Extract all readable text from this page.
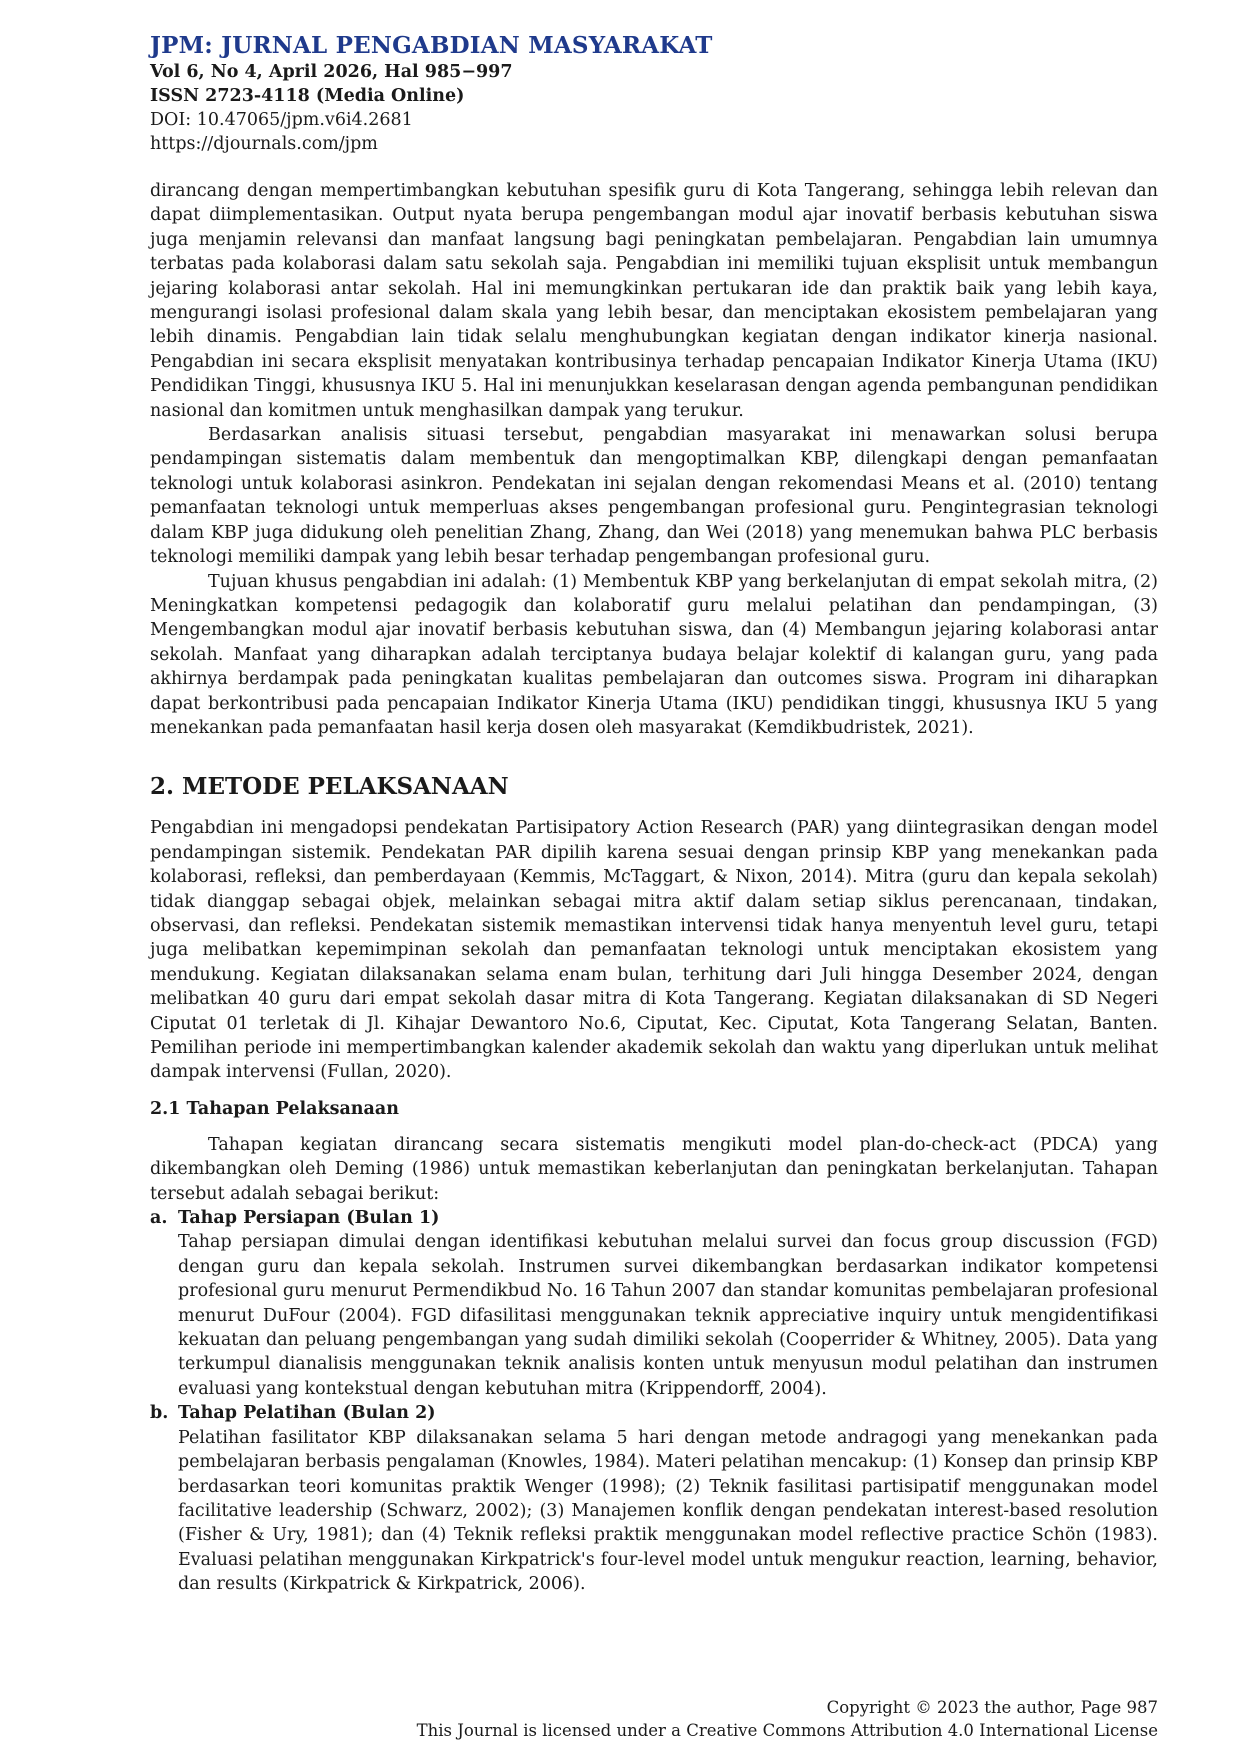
JPM: JURNAL PENGABDIAN MASYARAKAT
Vol 6, No 4, April 2026, Hal 985−997
ISSN 2723-4118 (Media Online)
DOI: 10.47065/jpm.v6i4.2681
https://djournals.com/jpm

dirancang dengan mempertimbangkan kebutuhan spesifik guru di Kota Tangerang, sehingga lebih relevan dan dapat diimplementasikan. Output nyata berupa pengembangan modul ajar inovatif berbasis kebutuhan siswa juga menjamin relevansi dan manfaat langsung bagi peningkatan pembelajaran. Pengabdian lain umumnya terbatas pada kolaborasi dalam satu sekolah saja. Pengabdian ini memiliki tujuan eksplisit untuk membangun jejaring kolaborasi antar sekolah. Hal ini memungkinkan pertukaran ide dan praktik baik yang lebih kaya, mengurangi isolasi profesional dalam skala yang lebih besar, dan menciptakan ekosistem pembelajaran yang lebih dinamis. Pengabdian lain tidak selalu menghubungkan kegiatan dengan indikator kinerja nasional. Pengabdian ini secara eksplisit menyatakan kontribusinya terhadap pencapaian Indikator Kinerja Utama (IKU) Pendidikan Tinggi, khususnya IKU 5. Hal ini menunjukkan keselarasan dengan agenda pembangunan pendidikan nasional dan komitmen untuk menghasilkan dampak yang terukur.

Berdasarkan analisis situasi tersebut, pengabdian masyarakat ini menawarkan solusi berupa pendampingan sistematis dalam membentuk dan mengoptimalkan KBP, dilengkapi dengan pemanfaatan teknologi untuk kolaborasi asinkron. Pendekatan ini sejalan dengan rekomendasi Means et al. (2010) tentang pemanfaatan teknologi untuk memperluas akses pengembangan profesional guru. Pengintegrasian teknologi dalam KBP juga didukung oleh penelitian Zhang, Zhang, dan Wei (2018) yang menemukan bahwa PLC berbasis teknologi memiliki dampak yang lebih besar terhadap pengembangan profesional guru.

Tujuan khusus pengabdian ini adalah: (1) Membentuk KBP yang berkelanjutan di empat sekolah mitra, (2) Meningkatkan kompetensi pedagogik dan kolaboratif guru melalui pelatihan dan pendampingan, (3) Mengembangkan modul ajar inovatif berbasis kebutuhan siswa, dan (4) Membangun jejaring kolaborasi antar sekolah. Manfaat yang diharapkan adalah terciptanya budaya belajar kolektif di kalangan guru, yang pada akhirnya berdampak pada peningkatan kualitas pembelajaran dan outcomes siswa. Program ini diharapkan dapat berkontribusi pada pencapaian Indikator Kinerja Utama (IKU) pendidikan tinggi, khususnya IKU 5 yang menekankan pada pemanfaatan hasil kerja dosen oleh masyarakat (Kemdikbudristek, 2021).

2. METODE PELAKSANAAN

Pengabdian ini mengadopsi pendekatan Partisipatory Action Research (PAR) yang diintegrasikan dengan model pendampingan sistemik. Pendekatan PAR dipilih karena sesuai dengan prinsip KBP yang menekankan pada kolaborasi, refleksi, dan pemberdayaan (Kemmis, McTaggart, & Nixon, 2014). Mitra (guru dan kepala sekolah) tidak dianggap sebagai objek, melainkan sebagai mitra aktif dalam setiap siklus perencanaan, tindakan, observasi, dan refleksi. Pendekatan sistemik memastikan intervensi tidak hanya menyentuh level guru, tetapi juga melibatkan kepemimpinan sekolah dan pemanfaatan teknologi untuk menciptakan ekosistem yang mendukung. Kegiatan dilaksanakan selama enam bulan, terhitung dari Juli hingga Desember 2024, dengan melibatkan 40 guru dari empat sekolah dasar mitra di Kota Tangerang. Kegiatan dilaksanakan di SD Negeri Ciputat 01 terletak di Jl. Kihajar Dewantoro No.6, Ciputat, Kec. Ciputat, Kota Tangerang Selatan, Banten. Pemilihan periode ini mempertimbangkan kalender akademik sekolah dan waktu yang diperlukan untuk melihat dampak intervensi (Fullan, 2020).

2.1 Tahapan Pelaksanaan

Tahapan kegiatan dirancang secara sistematis mengikuti model plan-do-check-act (PDCA) yang dikembangkan oleh Deming (1986) untuk memastikan keberlanjutan dan peningkatan berkelanjutan. Tahapan tersebut adalah sebagai berikut:

a. Tahap Persiapan (Bulan 1)

Tahap persiapan dimulai dengan identifikasi kebutuhan melalui survei dan focus group discussion (FGD) dengan guru dan kepala sekolah. Instrumen survei dikembangkan berdasarkan indikator kompetensi profesional guru menurut Permendikbud No. 16 Tahun 2007 dan standar komunitas pembelajaran profesional menurut DuFour (2004). FGD difasilitasi menggunakan teknik appreciative inquiry untuk mengidentifikasi kekuatan dan peluang pengembangan yang sudah dimiliki sekolah (Cooperrider & Whitney, 2005). Data yang terkumpul dianalisis menggunakan teknik analisis konten untuk menyusun modul pelatihan dan instrumen evaluasi yang kontekstual dengan kebutuhan mitra (Krippendorff, 2004).

b. Tahap Pelatihan (Bulan 2)

Pelatihan fasilitator KBP dilaksanakan selama 5 hari dengan metode andragogi yang menekankan pada pembelajaran berbasis pengalaman (Knowles, 1984). Materi pelatihan mencakup: (1) Konsep dan prinsip KBP berdasarkan teori komunitas praktik Wenger (1998); (2) Teknik fasilitasi partisipatif menggunakan model facilitative leadership (Schwarz, 2002); (3) Manajemen konflik dengan pendekatan interest-based resolution (Fisher & Ury, 1981); dan (4) Teknik refleksi praktik menggunakan model reflective practice Schön (1983). Evaluasi pelatihan menggunakan Kirkpatrick's four-level model untuk mengukur reaction, learning, behavior, dan results (Kirkpatrick & Kirkpatrick, 2006).

Copyright © 2023 the author, Page 987
This Journal is licensed under a Creative Commons Attribution 4.0 International License
